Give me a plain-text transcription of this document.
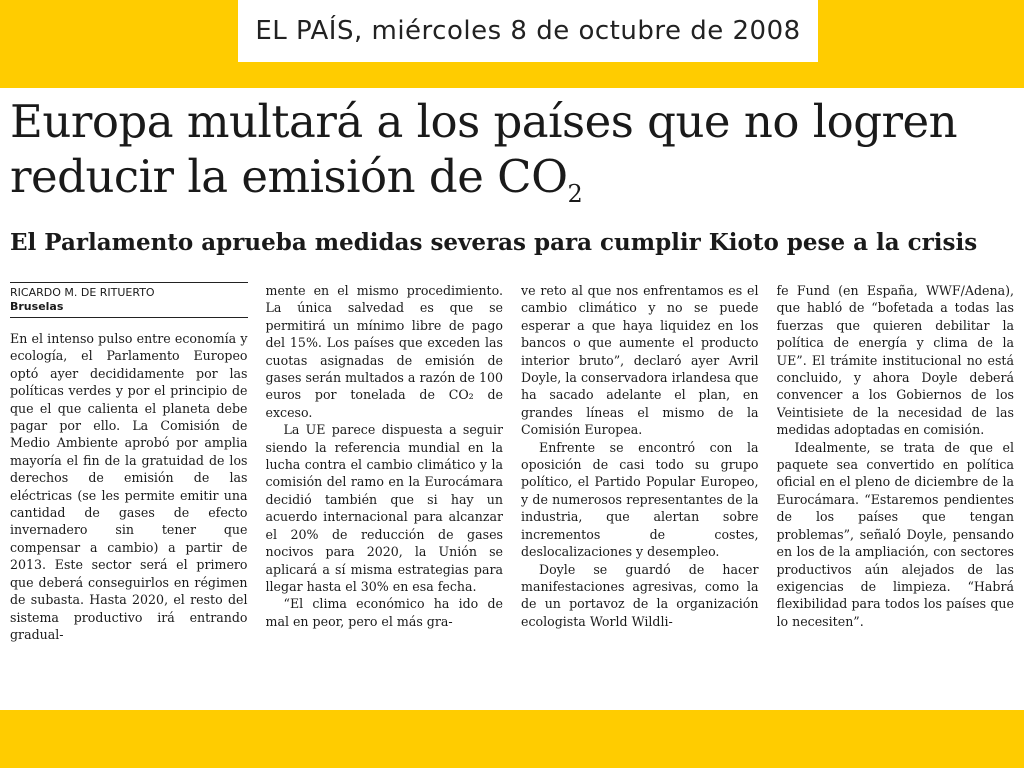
EL PAÍS, miércoles 8 de octubre de 2008
Europa multará a los países que no logren reducir la emisión de $CO_2$
El Parlamento aprueba medidas severas para cumplir Kioto pese a la crisis
RICARDO M. DE RITUERTO
Bruselas

En el intenso pulso entre economía y ecología, el Parlamento Europeo optó ayer decididamente por las políticas verdes y por el principio de que el que calienta el planeta debe pagar por ello. La Comisión de Medio Ambiente aprobó por amplia mayoría el fin de la gratuidad de los derechos de emisión de las eléctricas (se les permite emitir una cantidad de gases de efecto invernadero sin tener que compensar a cambio) a partir de 2013. Este sector será el primero que deberá conseguirlos en régimen de subasta. Hasta 2020, el resto del sistema productivo irá entrando gradual-

mente en el mismo procedimiento. La única salvedad es que se permitirá un mínimo libre de pago del 15%. Los países que exceden las cuotas asignadas de emisión de gases serán multados a razón de 100 euros por tonelada de CO₂ de exceso.

La UE parece dispuesta a seguir siendo la referencia mundial en la lucha contra el cambio climático y la comisión del ramo en la Eurocámara decidió también que si hay un acuerdo internacional para alcanzar el 20% de reducción de gases nocivos para 2020, la Unión se aplicará a sí misma estrategias para llegar hasta el 30% en esa fecha.

“El clima económico ha ido de mal en peor, pero el más gra-

ve reto al que nos enfrentamos es el cambio climático y no se puede esperar a que haya liquidez en los bancos o que aumente el producto interior bruto”, declaró ayer Avril Doyle, la conservadora irlandesa que ha sacado adelante el plan, en grandes líneas el mismo de la Comisión Europea.

Enfrente se encontró con la oposición de casi todo su grupo político, el Partido Popular Europeo, y de numerosos representantes de la industria, que alertan sobre incrementos de costes, deslocalizaciones y desempleo.

Doyle se guardó de hacer manifestaciones agresivas, como la de un portavoz de la organización ecologista World Wildli-

fe Fund (en España, WWF/Adena), que habló de “bofetada a todas las fuerzas que quieren debilitar la política de energía y clima de la UE”. El trámite institucional no está concluido, y ahora Doyle deberá convencer a los Gobiernos de los Veintisiete de la necesidad de las medidas adoptadas en comisión.

Idealmente, se trata de que el paquete sea convertido en política oficial en el pleno de diciembre de la Eurocámara. “Estaremos pendientes de los países que tengan problemas”, señaló Doyle, pensando en los de la ampliación, con sectores productivos aún alejados de las exigencias de limpieza. “Habrá flexibilidad para todos los países que lo necesiten”.
